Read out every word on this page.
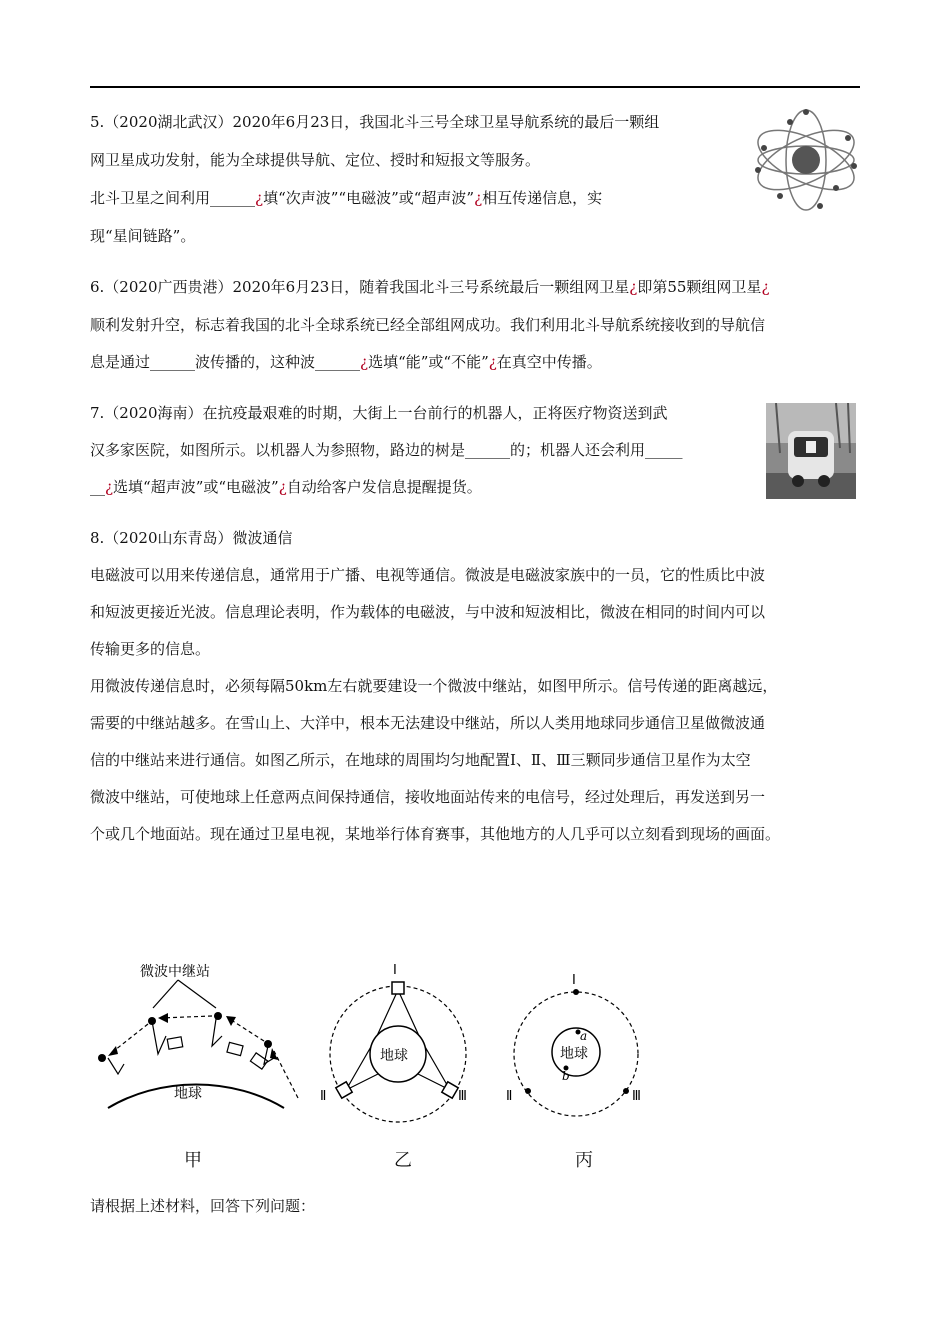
5.（2020湖北武汉）2020年6月23日，我国北斗三号全球卫星导航系统的最后一颗组

网卫星成功发射，能为全球提供导航、定位、授时和短报文等服务。

北斗卫星之间利用______¿填“次声波”“电磁波”或“超声波”¿相互传递信息，实

现“星间链路”。

6.（2020广西贵港）2020年6月23日，随着我国北斗三号系统最后一颗组网卫星¿即第55颗组网卫星¿

顺利发射升空，标志着我国的北斗全球系统已经全部组网成功。我们利用北斗导航系统接收到的导航信

息是通过______波传播的，这种波______¿选填“能”或“不能”¿在真空中传播。

7.（2020海南）在抗疫最艰难的时期，大街上一台前行的机器人，正将医疗物资送到武

汉多家医院，如图所示。以机器人为参照物，路边的树是______的；机器人还会利用_____

__¿选填“超声波”或“电磁波”¿自动给客户发信息提醒提货。

8.（2020山东青岛）微波通信

电磁波可以用来传递信息，通常用于广播、电视等通信。微波是电磁波家族中的一员，它的性质比中波

和短波更接近光波。信息理论表明，作为载体的电磁波，与中波和短波相比，微波在相同的时间内可以

传输更多的信息。

用微波传递信息时，必须每隔50km左右就要建设一个微波中继站，如图甲所示。信号传递的距离越远，

需要的中继站越多。在雪山上、大洋中，根本无法建设中继站，所以人类用地球同步通信卫星做微波通

信的中继站来进行通信。如图乙所示，在地球的周围均匀地配置Ⅰ、Ⅱ、Ⅲ三颗同步通信卫星作为太空

微波中继站，可使地球上任意两点间保持通信，接收地面站传来的电信号，经过处理后，再发送到另一

个或几个地面站。现在通过卫星电视，某地举行体育赛事，其他地方的人几乎可以立刻看到现场的画面。

微波中继站
地球
甲
地球
Ⅰ
Ⅱ	Ⅲ
乙
地球
a
b
Ⅰ
Ⅱ	Ⅲ
丙

请根据上述材料，回答下列问题：
